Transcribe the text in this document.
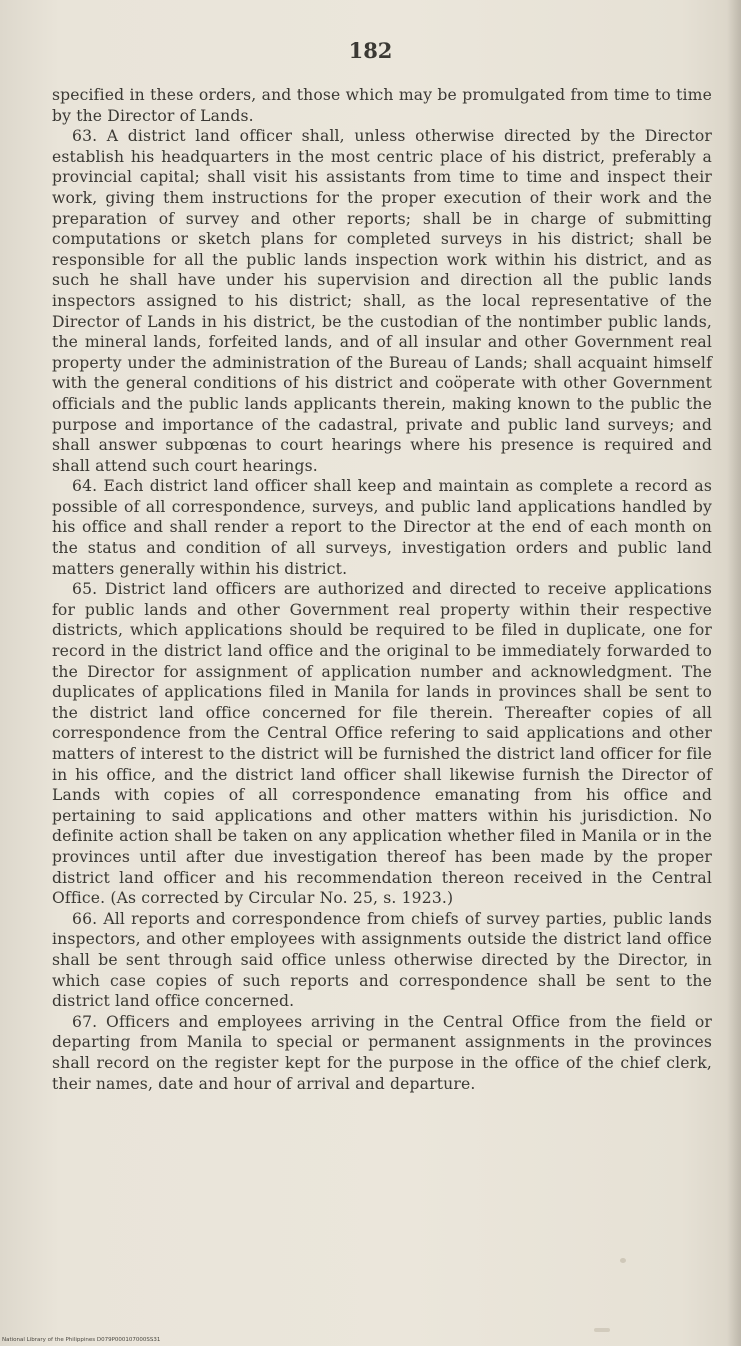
182

specified in these orders, and those which may be promulgated from time to time by the Director of Lands.

63. A district land officer shall, unless otherwise directed by the Director establish his headquarters in the most centric place of his district, preferably a provincial capital; shall visit his assistants from time to time and inspect their work, giving them instructions for the proper execution of their work and the preparation of survey and other reports; shall be in charge of submitting computations or sketch plans for completed surveys in his district; shall be responsible for all the public lands inspection work within his district, and as such he shall have under his supervision and direction all the public lands inspectors assigned to his district; shall, as the local representative of the Director of Lands in his district, be the custodian of the nontimber public lands, the mineral lands, forfeited lands, and of all insular and other Government real property under the administration of the Bureau of Lands; shall acquaint himself with the general conditions of his district and coöperate with other Government officials and the public lands applicants therein, making known to the public the purpose and importance of the cadastral, private and public land surveys; and shall answer subpœnas to court hearings where his presence is required and shall attend such court hearings.

64. Each district land officer shall keep and maintain as complete a record as possible of all correspondence, surveys, and public land applications handled by his office and shall render a report to the Director at the end of each month on the status and condition of all surveys, investigation orders and public land matters generally within his district.

65. District land officers are authorized and directed to receive applications for public lands and other Government real property within their respective districts, which applications should be required to be filed in duplicate, one for record in the district land office and the original to be immediately forwarded to the Director for assignment of application number and acknowledgment. The duplicates of applications filed in Manila for lands in provinces shall be sent to the district land office concerned for file therein. Thereafter copies of all correspondence from the Central Office refering to said applications and other matters of interest to the district will be furnished the district land officer for file in his office, and the district land officer shall likewise furnish the Director of Lands with copies of all correspondence emanating from his office and pertaining to said applications and other matters within his jurisdiction. No definite action shall be taken on any application whether filed in Manila or in the provinces until after due investigation thereof has been made by the proper district land officer and his recommendation thereon received in the Central Office. (As corrected by Circular No. 25, s. 1923.)

66. All reports and correspondence from chiefs of survey parties, public lands inspectors, and other employees with assignments outside the district land office shall be sent through said office unless otherwise directed by the Director, in which case copies of such reports and correspondence shall be sent to the district land office concerned.

67. Officers and employees arriving in the Central Office from the field or departing from Manila to special or permanent assignments in the provinces shall record on the register kept for the purpose in the office of the chief clerk, their names, date and hour of arrival and departure.

National Library of the Philippines D079P000107000SS31
